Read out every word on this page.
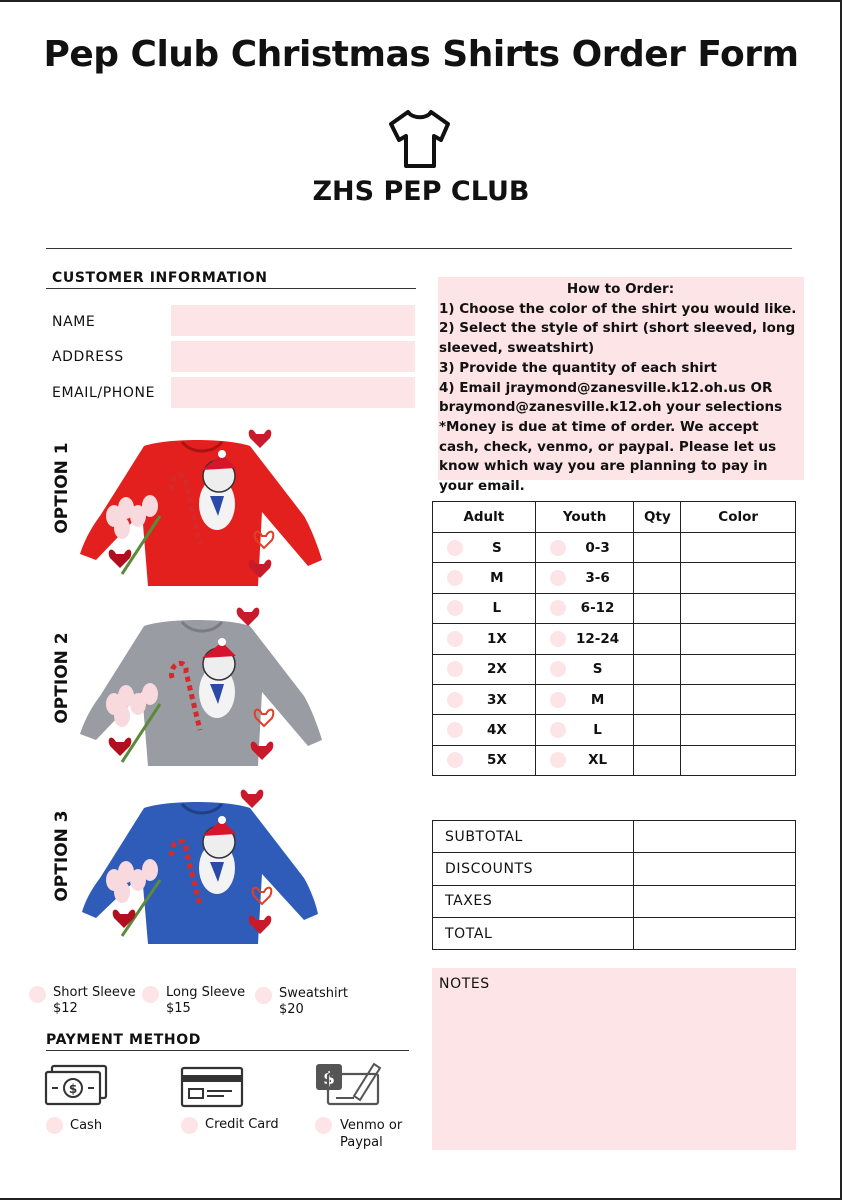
Pep Club Christmas Shirts Order Form
ZHS PEP CLUB
CUSTOMER INFORMATION
NAME
ADDRESS
EMAIL/PHONE
How to Order:
1) Choose the color of the shirt you would like.
2) Select the style of shirt (short sleeved, long sleeved, sweatshirt)
3) Provide the quantity of each shirt
4) Email jraymond@zanesville.k12.oh.us OR braymond@zanesville.k12.oh your selections
*Money is due at time of order. We accept cash, check, venmo, or paypal. Please let us know which way you are planning to pay in your email.
OPTION 1
OPTION 2
OPTION 3
Adult	Youth	Qty	Color

S	0-3		

M	3-6		

L	6-12		

1X	12-24		

2X	S		

3X	M		

4X	L		

5X	XL		

SUBTOTAL	
DISCOUNTS	
TAXES	
TOTAL	
NOTES
Short Sleeve
$12
Long Sleeve
$15
Sweatshirt
$20
PAYMENT METHOD
$	$
Cash	Credit Card	Venmo or
Paypal
